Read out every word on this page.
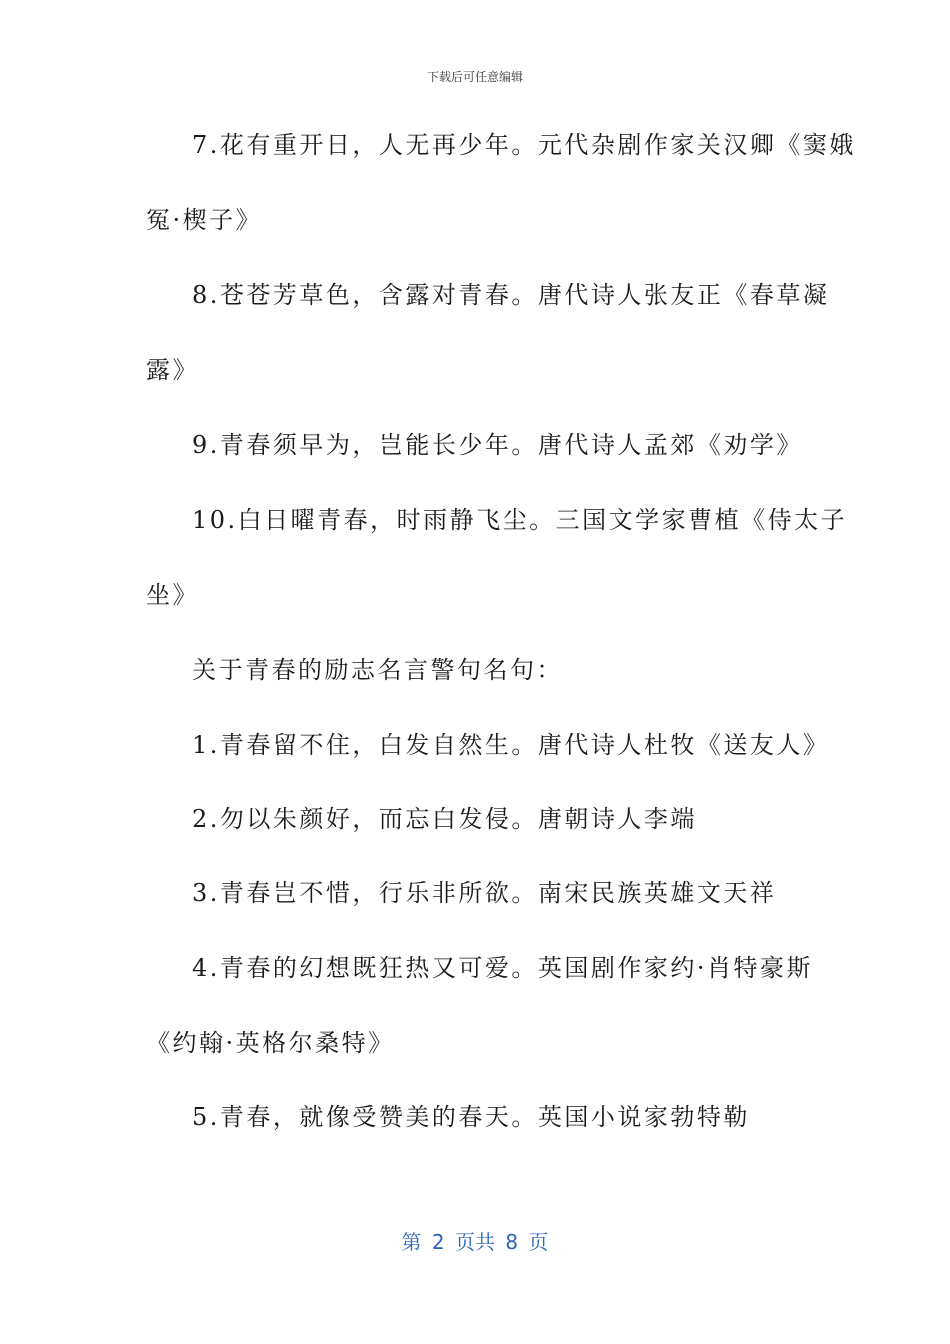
下载后可任意编辑
7.花有重开日，人无再少年。元代杂剧作家关汉卿《窦娥
冤·楔子》
8.苍苍芳草色，含露对青春。唐代诗人张友正《春草凝
露》
9.青春须早为，岂能长少年。唐代诗人孟郊《劝学》
10.白日曜青春，时雨静飞尘。三国文学家曹植《侍太子
坐》
关于青春的励志名言警句名句：
1.青春留不住，白发自然生。唐代诗人杜牧《送友人》
2.勿以朱颜好，而忘白发侵。唐朝诗人李端
3.青春岂不惜，行乐非所欲。南宋民族英雄文天祥
4.青春的幻想既狂热又可爱。英国剧作家约·肖特豪斯
《约翰·英格尔桑特》
5.青春，就像受赞美的春天。英国小说家勃特勒
第 2 页共 8 页
